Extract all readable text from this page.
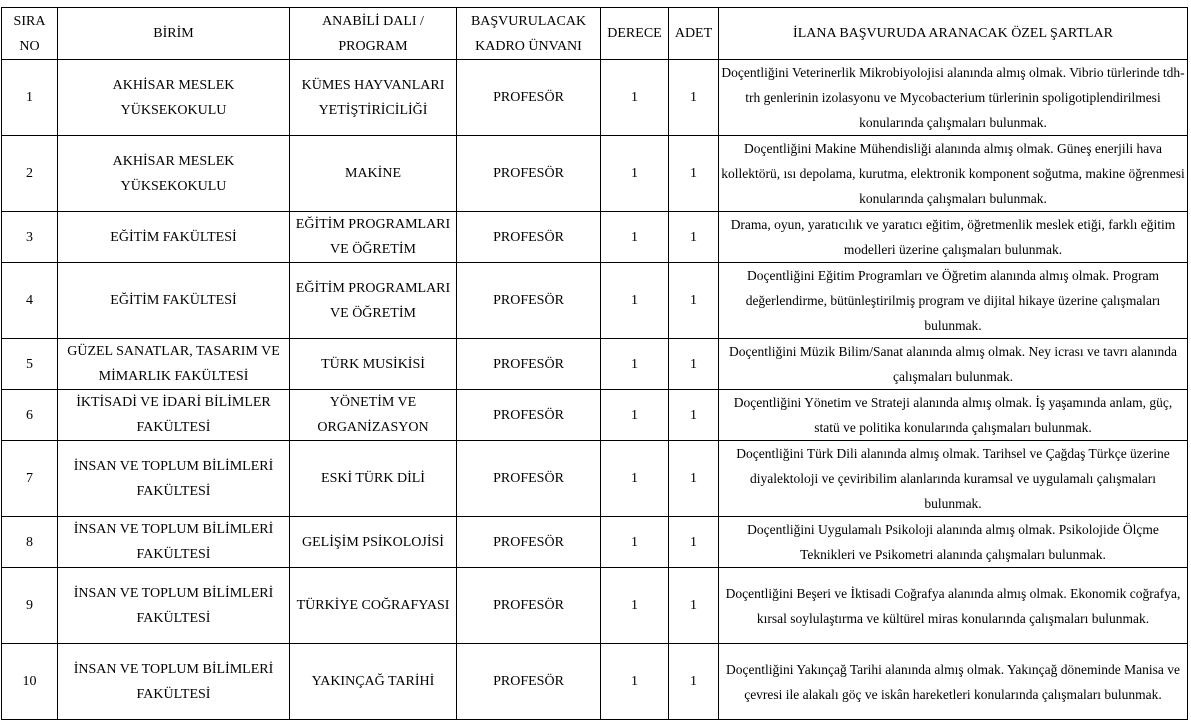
SIRA NO	BİRİM	ANABİLİ DALI / PROGRAM	BAŞVURULACAK KADRO ÜNVANI	DERECE	ADET	İLANA BAŞVURUDA ARANACAK ÖZEL ŞARTLAR
1	AKHİSAR MESLEK YÜKSEKOKULU	KÜMES HAYVANLARI YETİŞTİRİCİLİĞİ	PROFESÖR	1	1	Doçentliğini Veterinerlik Mikrobiyolojisi alanında almış olmak. Vibrio türlerinde tdh- trh genlerinin izolasyonu ve Mycobacterium türlerinin spoligotiplendirilmesi konularında çalışmaları bulunmak.
2	AKHİSAR MESLEK YÜKSEKOKULU	MAKİNE	PROFESÖR	1	1	Doçentliğini Makine Mühendisliği alanında almış olmak. Güneş enerjili hava kollektörü, ısı depolama, kurutma, elektronik komponent soğutma, makine öğrenmesi konularında çalışmaları bulunmak.
3	EĞİTİM FAKÜLTESİ	EĞİTİM PROGRAMLARI VE ÖĞRETİM	PROFESÖR	1	1	Drama, oyun, yaratıcılık ve yaratıcı eğitim, öğretmenlik meslek etiği, farklı eğitim modelleri üzerine çalışmaları bulunmak.
4	EĞİTİM FAKÜLTESİ	EĞİTİM PROGRAMLARI VE ÖĞRETİM	PROFESÖR	1	1	Doçentliğini Eğitim Programları ve Öğretim alanında almış olmak. Program değerlendirme, bütünleştirilmiş program ve dijital hikaye üzerine çalışmaları bulunmak.
5	GÜZEL SANATLAR, TASARIM VE MİMARLIK FAKÜLTESİ	TÜRK MUSİKİSİ	PROFESÖR	1	1	Doçentliğini Müzik Bilim/Sanat alanında almış olmak. Ney icrası ve tavrı alanında çalışmaları bulunmak.
6	İKTİSADİ VE İDARİ BİLİMLER FAKÜLTESİ	YÖNETİM VE ORGANİZASYON	PROFESÖR	1	1	Doçentliğini Yönetim ve Strateji alanında almış olmak. İş yaşamında anlam, güç, statü ve politika konularında çalışmaları bulunmak.
7	İNSAN VE TOPLUM BİLİMLERİ FAKÜLTESİ	ESKİ TÜRK DİLİ	PROFESÖR	1	1	Doçentliğini Türk Dili alanında almış olmak. Tarihsel ve Çağdaş Türkçe üzerine diyalektoloji ve çeviribilim alanlarında kuramsal ve uygulamalı çalışmaları bulunmak.
8	İNSAN VE TOPLUM BİLİMLERİ FAKÜLTESİ	GELİŞİM PSİKOLOJİSİ	PROFESÖR	1	1	Doçentliğini Uygulamalı Psikoloji alanında almış olmak. Psikolojide Ölçme Teknikleri ve Psikometri alanında çalışmaları bulunmak.
9	İNSAN VE TOPLUM BİLİMLERİ FAKÜLTESİ	TÜRKİYE COĞRAFYASI	PROFESÖR	1	1	Doçentliğini Beşeri ve İktisadi Coğrafya alanında almış olmak. Ekonomik coğrafya, kırsal soylulaştırma ve kültürel miras konularında çalışmaları bulunmak.
10	İNSAN VE TOPLUM BİLİMLERİ FAKÜLTESİ	YAKINÇAĞ TARİHİ	PROFESÖR	1	1	Doçentliğini Yakınçağ Tarihi alanında almış olmak. Yakınçağ döneminde Manisa ve çevresi ile alakalı göç ve iskân hareketleri konularında çalışmaları bulunmak.
